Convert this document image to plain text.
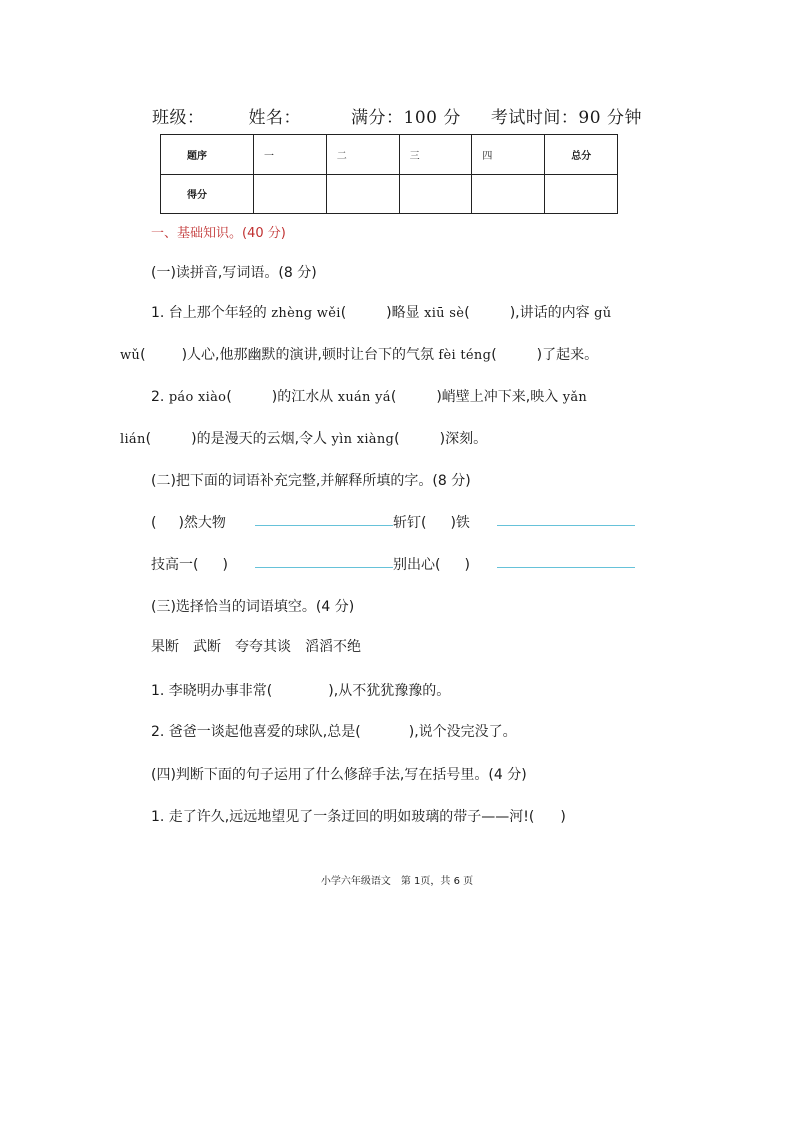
班级：	姓名：	满分：100 分 考试时间：90 分钟
题序	一	二	三	四	总分
得分					
一、基础知识。(40 分)
(一)读拼音,写词语。(8 分)
1. 台上那个年轻的 zhèng wěi(	)略显 xiū sè(	),讲话的内容 gǔ
wǔ(	)人心,他那幽默的演讲,顿时让台下的气氛 fèi téng(	)了起来。
2. páo xiào(	)的江水从 xuán yá(	)峭壁上冲下来,映入 yǎn
lián(	)的是漫天的云烟,令人 yìn xiàng(	)深刻。
(二)把下面的词语补充完整,并解释所填的字。(8 分)
( )然大物	斩钉( )铁
技高一( )	别出心( )
(三)选择恰当的词语填空。(4 分)
果断 武断 夸夸其谈 滔滔不绝
1. 李晓明办事非常(	),从不犹犹豫豫的。
2. 爸爸一谈起他喜爱的球队,总是(	),说个没完没了。
(四)判断下面的句子运用了什么修辞手法,写在括号里。(4 分)
1. 走了许久,远远地望见了一条迂回的明如玻璃的带子——河!( )
小学六年级语文　第 1页，共 6 页
